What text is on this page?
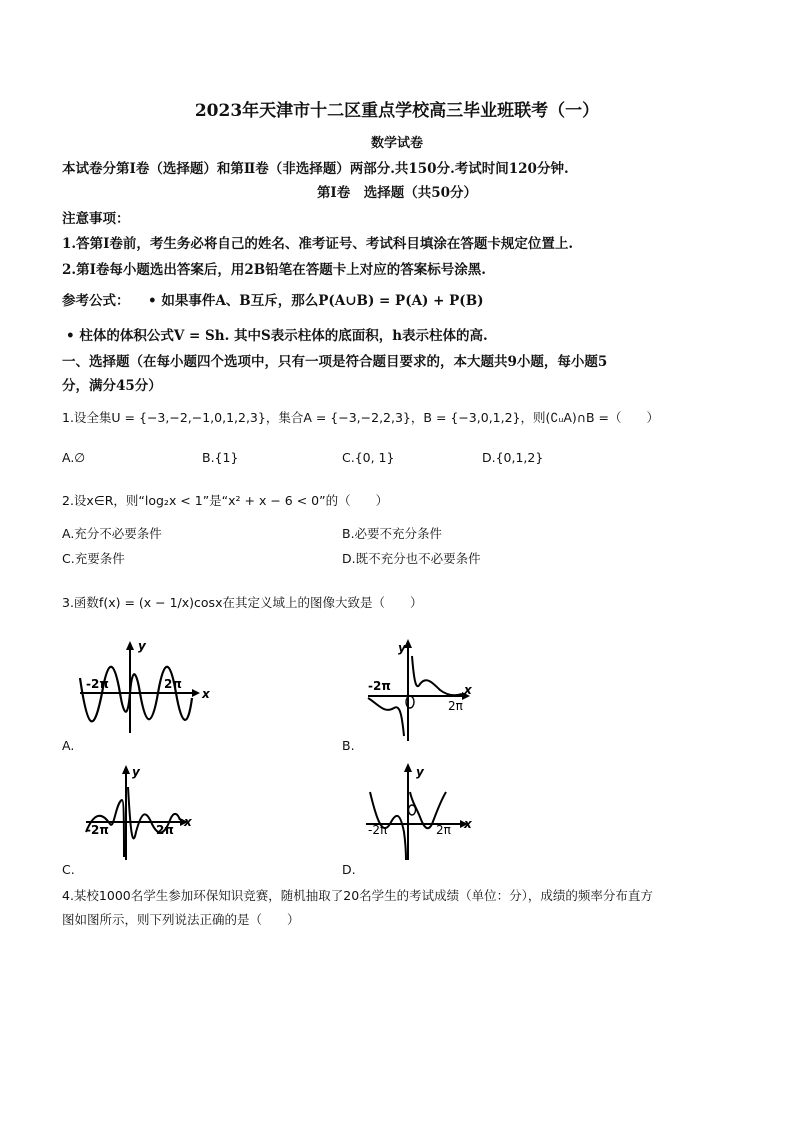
2023年天津市十二区重点学校高三毕业班联考（一）
数学试卷
本试卷分第Ⅰ卷（选择题）和第Ⅱ卷（非选择题）两部分.共150分.考试时间120分钟.
第Ⅰ卷　选择题（共50分）
注意事项：
1.答第Ⅰ卷前，考生务必将自己的姓名、准考证号、考试科目填涂在答题卡规定位置上.
2.第Ⅰ卷每小题选出答案后，用2B铅笔在答题卡上对应的答案标号涂黑.
参考公式： • 如果事件A、B互斥，那么P(A∪B) = P(A) + P(B)
• 柱体的体积公式V = Sh. 其中S表示柱体的底面积，h表示柱体的高.
一、选择题（在每小题四个选项中，只有一项是符合题目要求的，本大题共9小题，每小题5
分，满分45分）
1.设全集U = {−3,−2,−1,0,1,2,3}，集合A = {−3,−2,2,3}，B = {−3,0,1,2}，则(∁ᵤA)∩B =（　　）
A.∅	B.{1}	C.{0, 1}	D.{0,1,2}
2.设x∈R，则“log₂x < 1”是“x² + x − 6 < 0”的（　　）
A.充分不必要条件	B.必要不充分条件
C.充要条件	D.既不充分也不必要条件
3.函数f(x) = (x − 1/x)cosx在其定义域上的图像大致是（　　）
y
x
-2π	2π
A.
y
x
-2π
2π
B.
y
x
-2π	2π
C.
y
x
-2π	2π
D.
4.某校1000名学生参加环保知识竞赛，随机抽取了20名学生的考试成绩（单位：分），成绩的频率分布直方
图如图所示，则下列说法正确的是（　　）
